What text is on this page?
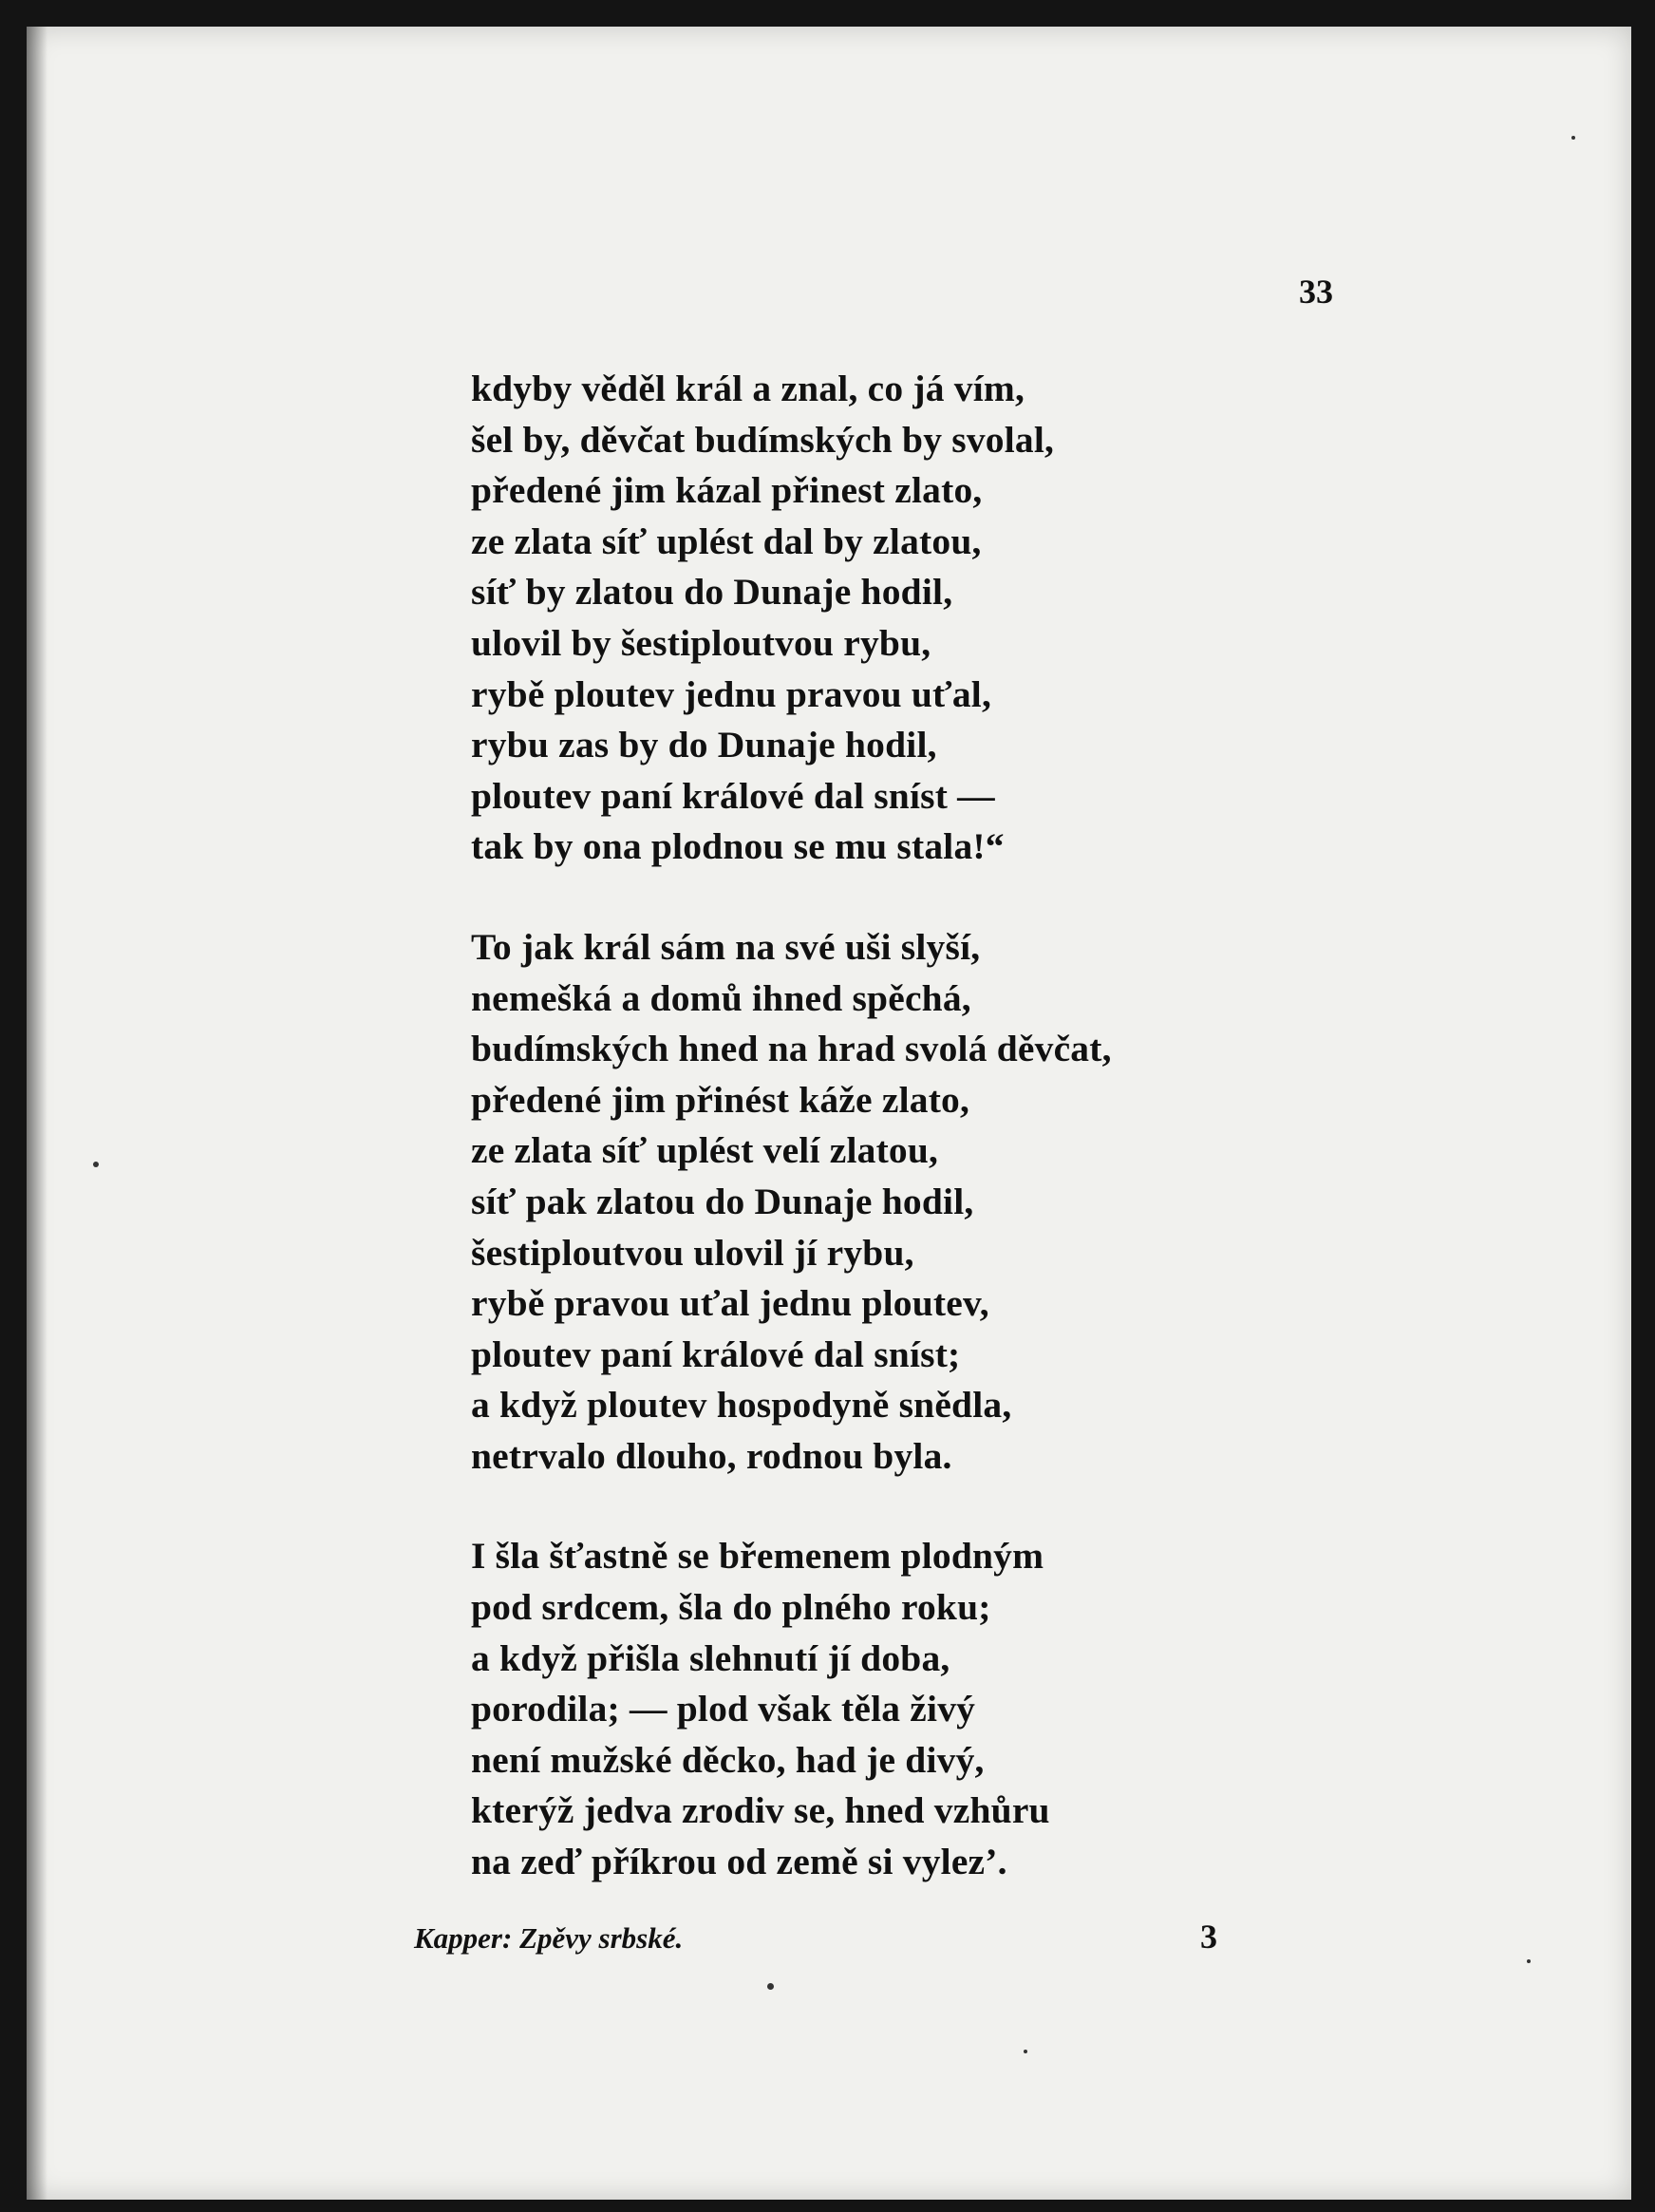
33

kdyby věděl král a znal, co já vím,
šel by, děvčat budímských by svolal,
předené jim kázal přinest zlato,
ze zlata síť uplést dal by zlatou,
síť by zlatou do Dunaje hodil,
ulovil by šestiploutvou rybu,
rybě ploutev jednu pravou uťal,
rybu zas by do Dunaje hodil,
ploutev paní králové dal sníst —
tak by ona plodnou se mu stala!“
To jak král sám na své uši slyší,
nemešká a domů ihned spěchá,
budímských hned na hrad svolá děvčat,
předené jim přinést káže zlato,
ze zlata síť uplést velí zlatou,
síť pak zlatou do Dunaje hodil,
šestiploutvou ulovil jí rybu,
rybě pravou uťal jednu ploutev,
ploutev paní králové dal sníst;
a když ploutev hospodyně snědla,
netrvalo dlouho, rodnou byla.
I šla šťastně se břemenem plodným
pod srdcem, šla do plného roku;
a když přišla slehnutí jí doba,
porodila; — plod však těla živý
není mužské děcko, had je divý,
kterýž jedva zrodiv se, hned vzhůru
na zeď příkrou od země si vylez’.

Kapper: Zpěvy srbské.	3
